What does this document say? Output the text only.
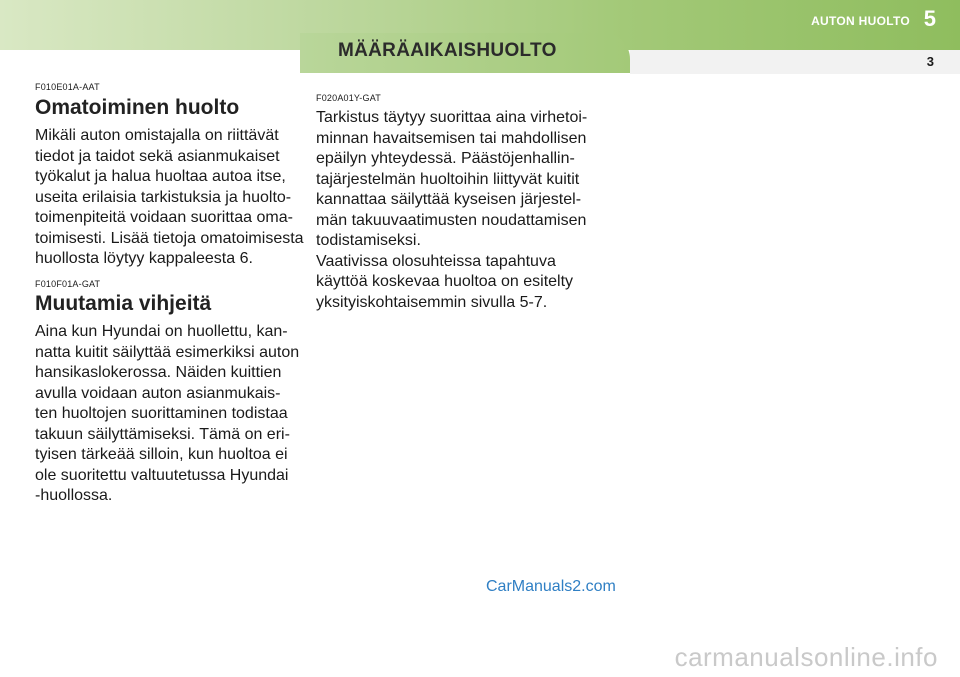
MÄÄRÄAIKAISHUOLTO
AUTON HUOLTO 5
3
F010E01A-AAT
Omatoiminen huolto

Mikäli auton omistajalla on riittävät
tiedot ja taidot sekä asianmukaiset
työkalut ja halua huoltaa autoa itse,
useita erilaisia tarkistuksia ja huolto-
toimenpiteitä voidaan suorittaa oma-
toimisesti. Lisää tietoja omatoimisesta
huollosta löytyy kappaleesta 6.

F010F01A-GAT
Muutamia vihjeitä

Aina kun Hyundai on huollettu, kan-
natta kuitit säilyttää esimerkiksi auton
hansikaslokerossa. Näiden kuittien
avulla voidaan auton asianmukais-
ten huoltojen suorittaminen todistaa
takuun säilyttämiseksi. Tämä on eri-
tyisen tärkeää silloin, kun huoltoa ei
ole suoritettu valtuutetussa Hyundai
-huollossa.

F020A01Y-GAT

Tarkistus täytyy suorittaa aina virhetoi-
minnan havaitsemisen tai mahdollisen
epäilyn yhteydessä. Päästöjenhallin-
tajärjestelmän huoltoihin liittyvät kuitit
kannattaa säilyttää kyseisen järjestel-
män takuuvaatimusten noudattamisen
todistamiseksi.
Vaativissa olosuhteissa tapahtuva
käyttöä koskevaa huoltoa on esitelty
yksityiskohtaisemmin sivulla 5-7.

CarManuals2.com
carmanualsonline.info
